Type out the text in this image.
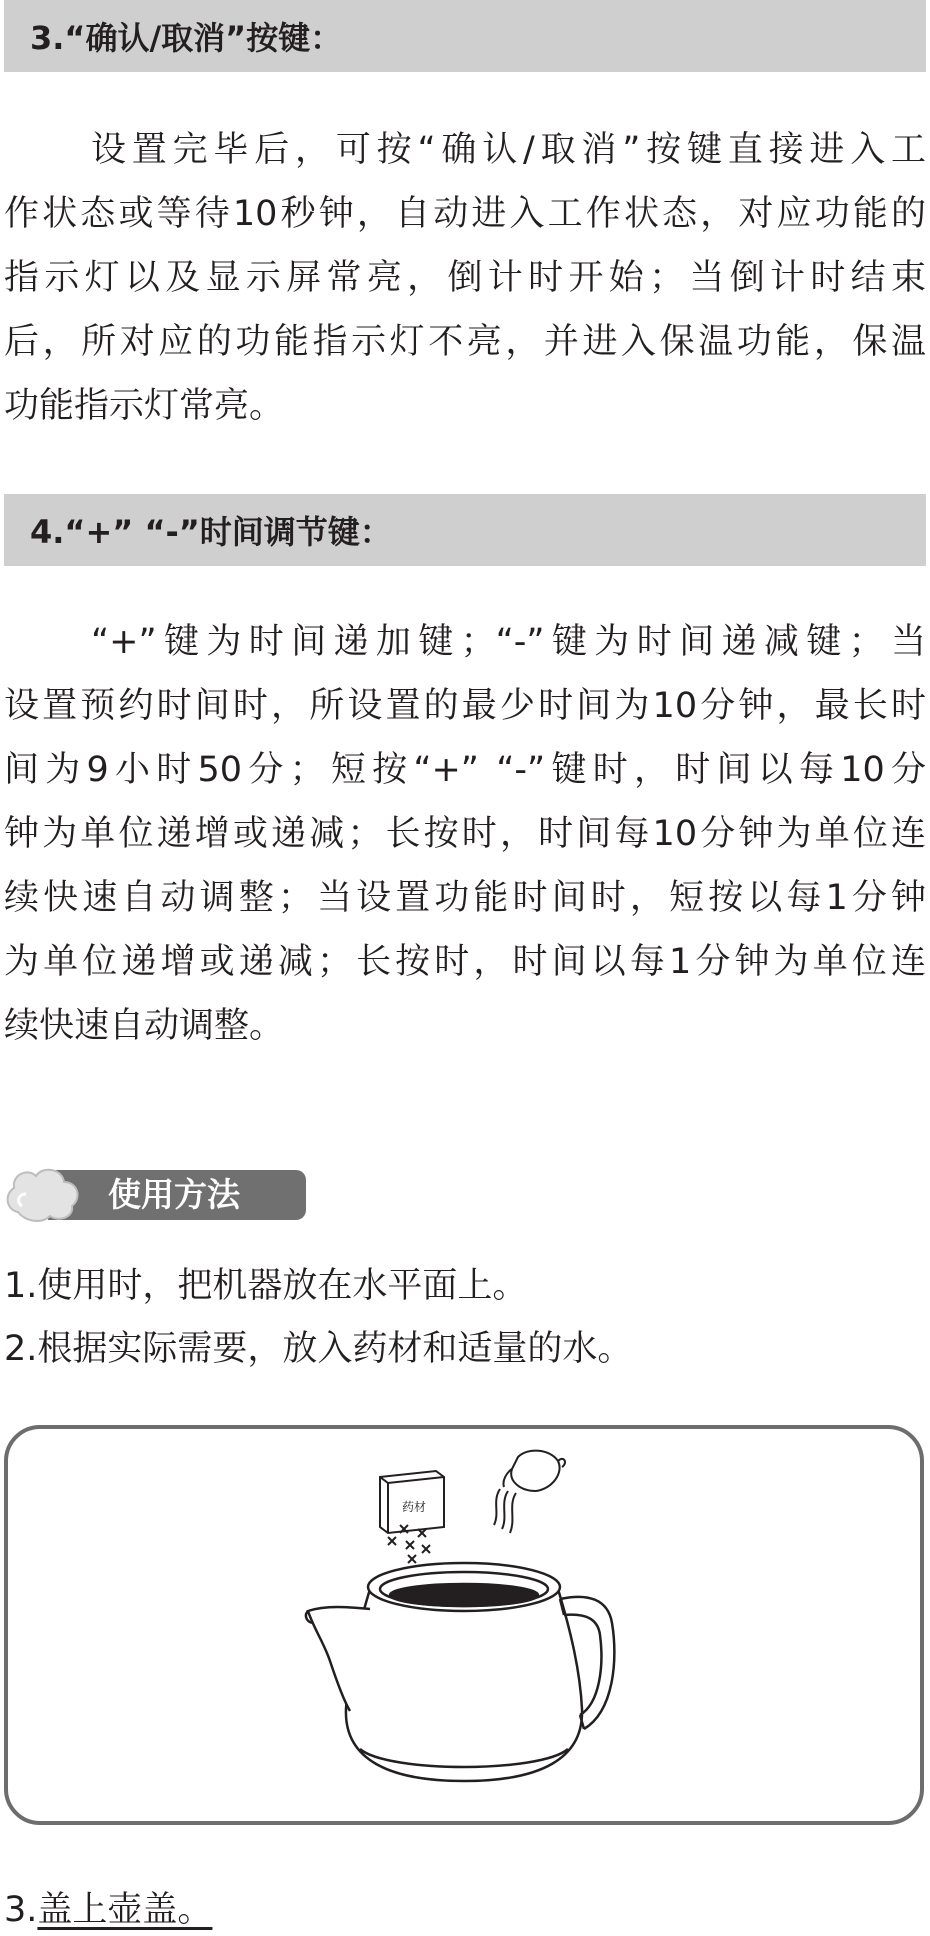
3.“确认/取消”按键：

设置完毕后，可按“确认/取消”按键直接进入工
作状态或等待10秒钟，自动进入工作状态，对应功能的
指示灯以及显示屏常亮，倒计时开始；当倒计时结束
后，所对应的功能指示灯不亮，并进入保温功能，保温
功能指示灯常亮。

4.“+” “-”时间调节键：

“+”键为时间递加键；“-”键为时间递减键；当
设置预约时间时，所设置的最少时间为10分钟，最长时
间为9小时50分；短按“+” “-”键时，时间以每10分
钟为单位递增或递减；长按时，时间每10分钟为单位连
续快速自动调整；当设置功能时间时，短按以每1分钟
为单位递增或递减；长按时，时间以每1分钟为单位连
续快速自动调整。

使用方法
1.使用时，把机器放在水平面上。
2.根据实际需要，放入药材和适量的水。
药材
3.盖上壶盖。
